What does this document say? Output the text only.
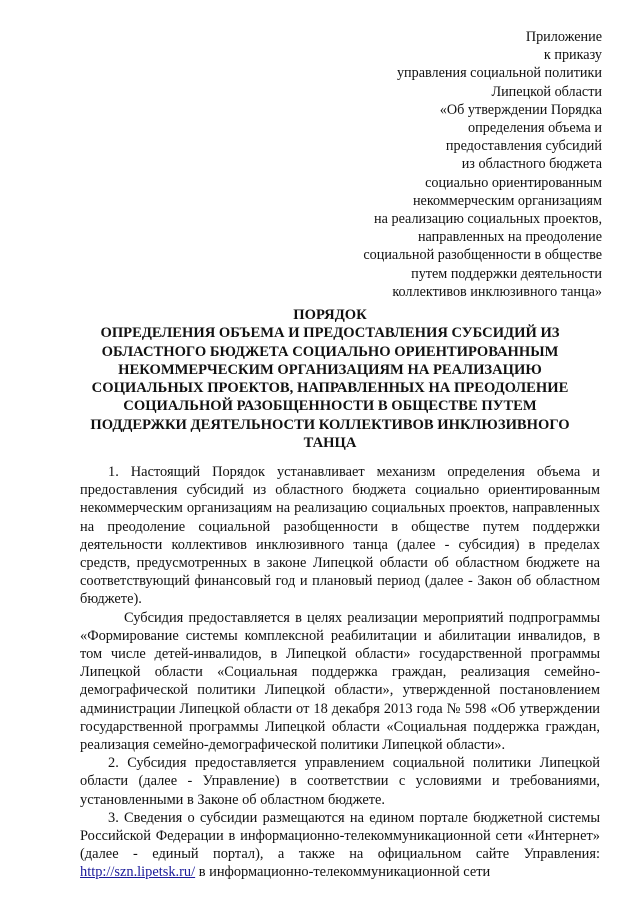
Приложение
к приказу
управления социальной политики
Липецкой области
«Об утверждении Порядка
определения объема и
предоставления субсидий
из областного бюджета
социально ориентированным
некоммерческим организациям
на реализацию социальных проектов,
направленных на преодоление
социальной разобщенности в обществе
путем поддержки деятельности
коллективов инклюзивного танца»
ПОРЯДОК
ОПРЕДЕЛЕНИЯ ОБЪЕМА И ПРЕДОСТАВЛЕНИЯ СУБСИДИЙ ИЗ
ОБЛАСТНОГО БЮДЖЕТА СОЦИАЛЬНО ОРИЕНТИРОВАННЫМ
НЕКОММЕРЧЕСКИМ ОРГАНИЗАЦИЯМ НА РЕАЛИЗАЦИЮ
СОЦИАЛЬНЫХ ПРОЕКТОВ, НАПРАВЛЕННЫХ НА ПРЕОДОЛЕНИЕ
СОЦИАЛЬНОЙ РАЗОБЩЕННОСТИ В ОБЩЕСТВЕ ПУТЕМ
ПОДДЕРЖКИ ДЕЯТЕЛЬНОСТИ КОЛЛЕКТИВОВ ИНКЛЮЗИВНОГО
ТАНЦА

1. Настоящий Порядок устанавливает механизм определения объема и предоставления субсидий из областного бюджета социально ориентированным некоммерческим организациям на реализацию социальных проектов, направленных на преодоление социальной разобщенности в обществе путем поддержки деятельности коллективов инклюзивного танца (далее - субсидия) в пределах средств, предусмотренных в законе Липецкой области об областном бюджете на соответствующий финансовый год и плановый период (далее - Закон об областном бюджете).

Субсидия предоставляется в целях реализации мероприятий подпрограммы «Формирование системы комплексной реабилитации и абилитации инвалидов, в том числе детей-инвалидов, в Липецкой области» государственной программы Липецкой области «Социальная поддержка граждан, реализация семейно-демографической политики Липецкой области», утвержденной постановлением администрации Липецкой области от 18 декабря 2013 года № 598 «Об утверждении государственной программы Липецкой области «Социальная поддержка граждан, реализация семейно-демографической политики Липецкой области».

2. Субсидия предоставляется управлением социальной политики Липецкой области (далее - Управление) в соответствии с условиями и требованиями, установленными в Законе об областном бюджете.

3. Сведения о субсидии размещаются на едином портале бюджетной системы Российской Федерации в информационно-телекоммуникационной сети «Интернет» (далее - единый портал), а также на официальном сайте Управления: http://szn.lipetsk.ru/ в информационно-телекоммуникационной сети
